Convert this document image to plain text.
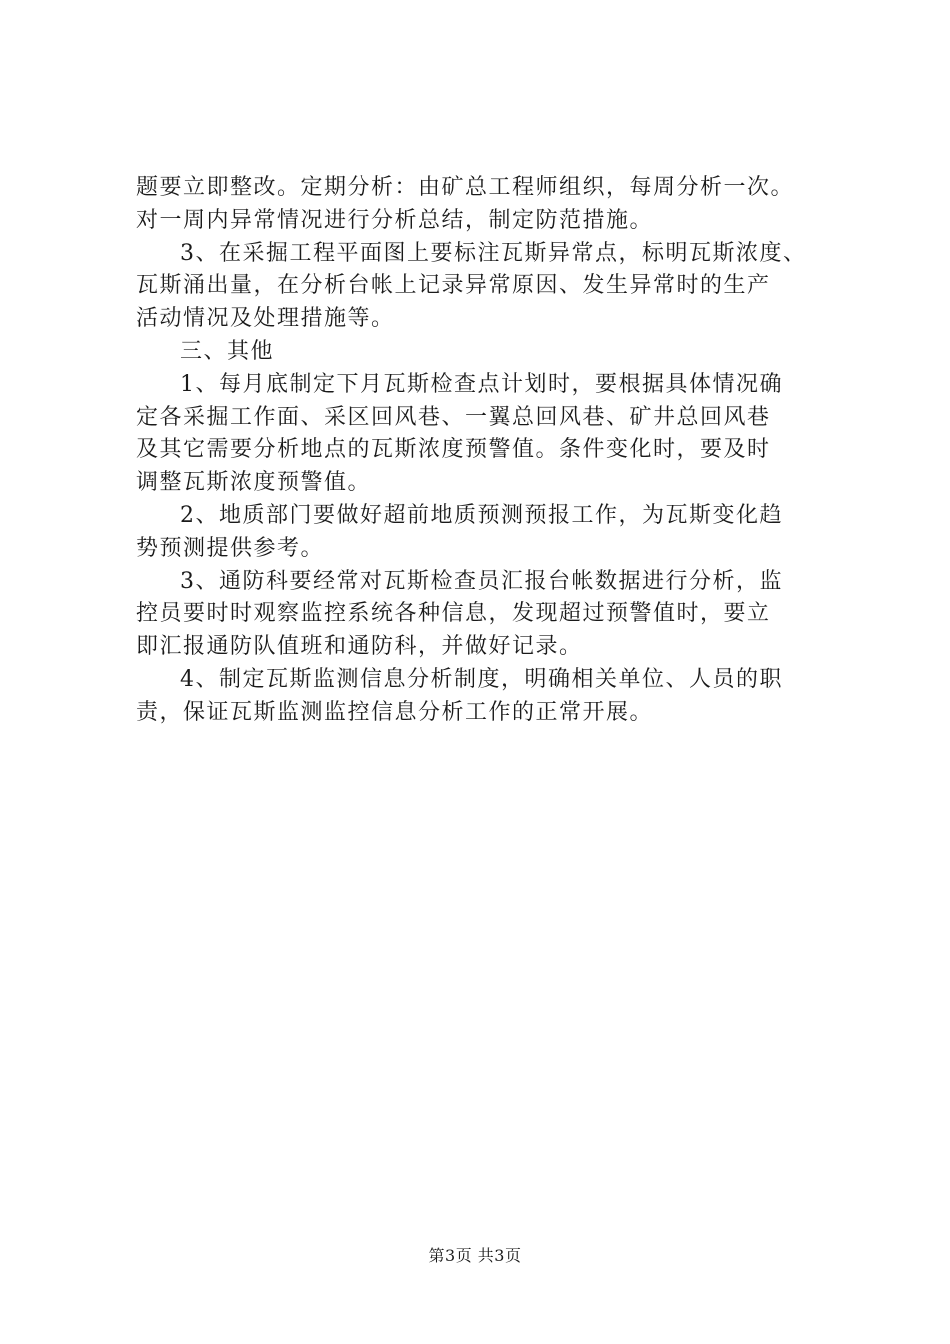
题要立即整改。定期分析：由矿总工程师组织，每周分析一次。
对一周内异常情况进行分析总结，制定防范措施。
3、在采掘工程平面图上要标注瓦斯异常点，标明瓦斯浓度、
瓦斯涌出量，在分析台帐上记录异常原因、发生异常时的生产
活动情况及处理措施等。
三、其他
1、每月底制定下月瓦斯检查点计划时，要根据具体情况确
定各采掘工作面、采区回风巷、一翼总回风巷、矿井总回风巷
及其它需要分析地点的瓦斯浓度预警值。条件变化时，要及时
调整瓦斯浓度预警值。
2、地质部门要做好超前地质预测预报工作，为瓦斯变化趋
势预测提供参考。
3、通防科要经常对瓦斯检查员汇报台帐数据进行分析，监
控员要时时观察监控系统各种信息，发现超过预警值时，要立
即汇报通防队值班和通防科，并做好记录。
4、制定瓦斯监测信息分析制度，明确相关单位、人员的职
责，保证瓦斯监测监控信息分析工作的正常开展。
第3页 共3页
